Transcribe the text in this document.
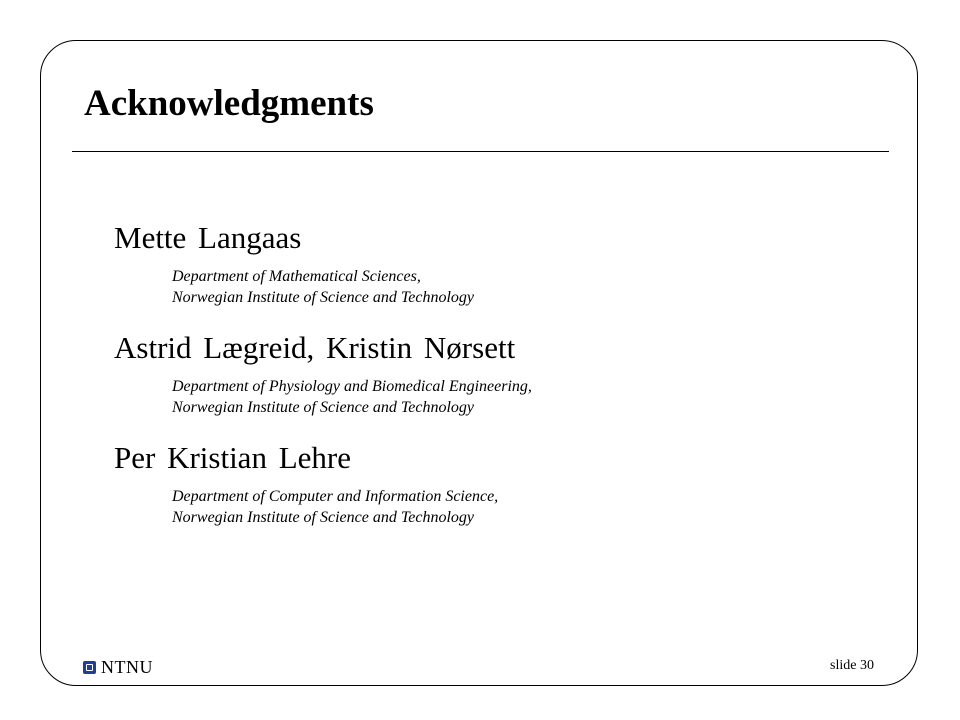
Acknowledgments

Mette Langaas

Department of Mathematical Sciences,
Norwegian Institute of Science and Technology

Astrid Lægreid, Kristin Nørsett

Department of Physiology and Biomedical Engineering,
Norwegian Institute of Science and Technology

Per Kristian Lehre

Department of Computer and Information Science,
Norwegian Institute of Science and Technology
NTNU	slide 30
